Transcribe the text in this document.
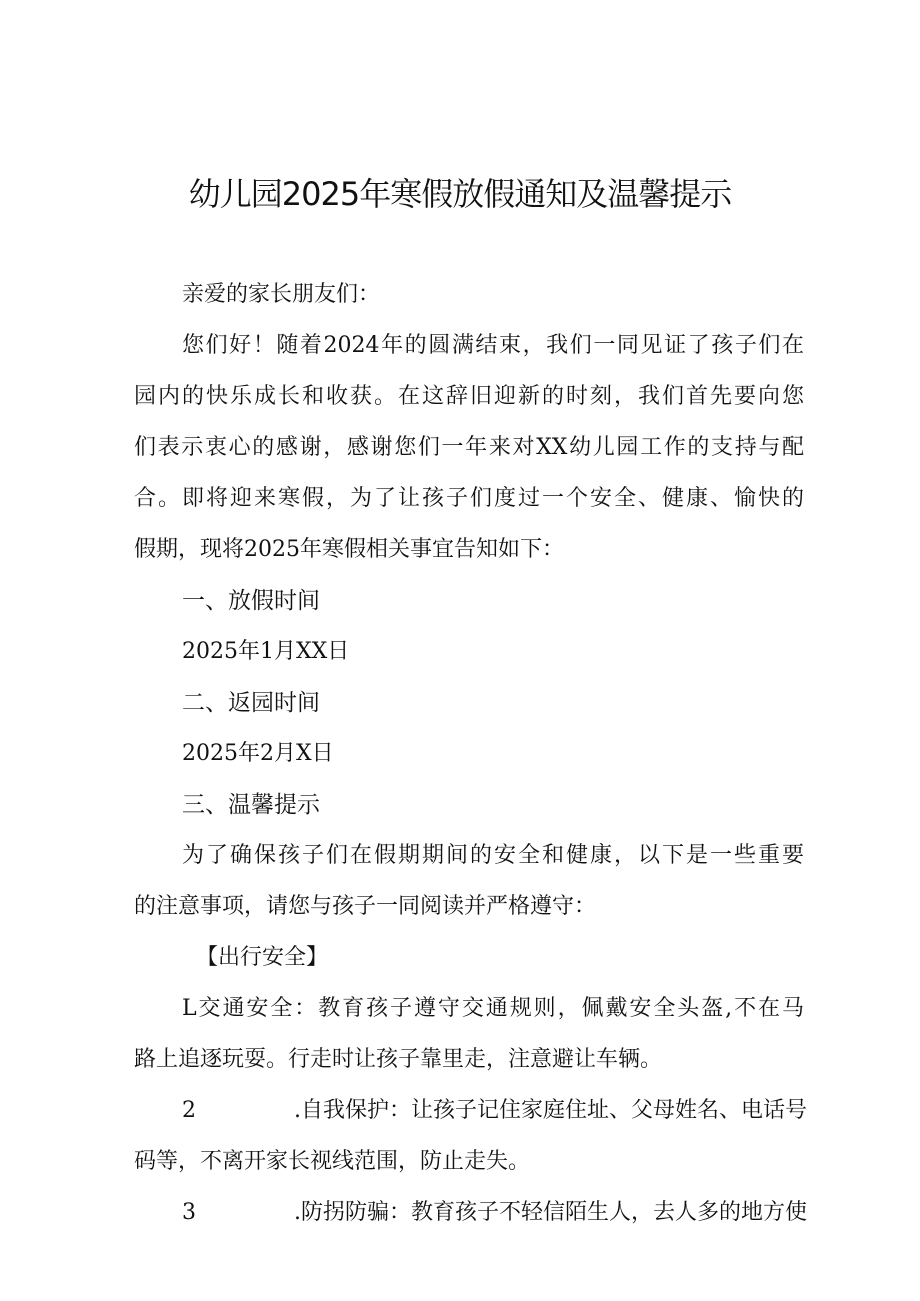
幼儿园2025年寒假放假通知及温馨提示
亲爱的家长朋友们：
您们好！随着2024年的圆满结束，我们一同见证了孩子们在
园内的快乐成长和收获。在这辞旧迎新的时刻，我们首先要向您
们表示衷心的感谢，感谢您们一年来对XX幼儿园工作的支持与配
合。即将迎来寒假，为了让孩子们度过一个安全、健康、愉快的
假期，现将2025年寒假相关事宜告知如下：
一、放假时间
2025年1月XX日
二、返园时间
2025年2月X日
三、温馨提示
为了确保孩子们在假期期间的安全和健康，以下是一些重要
的注意事项，请您与孩子一同阅读并严格遵守：
【出行安全】
L交通安全：教育孩子遵守交通规则，佩戴安全头盔,不在马
路上追逐玩耍。行走时让孩子靠里走，注意避让车辆。
2	.自我保护：让孩子记住家庭住址、父母姓名、电话号
码等，不离开家长视线范围，防止走失。
3	.防拐防骗：教育孩子不轻信陌生人，去人多的地方使
